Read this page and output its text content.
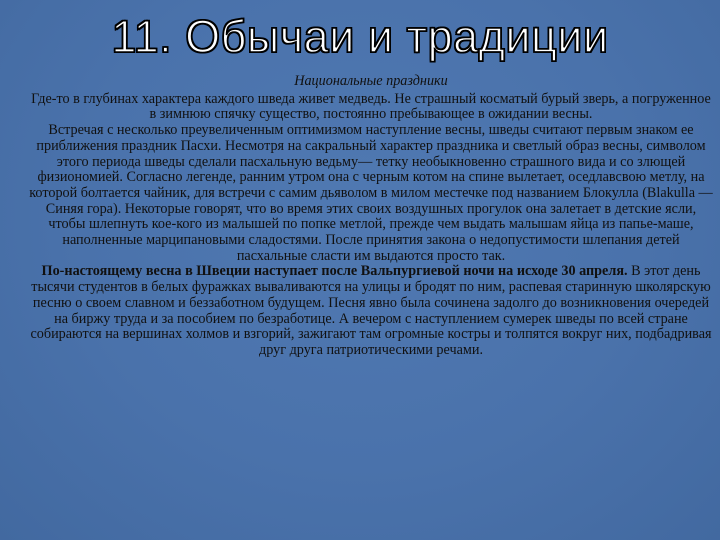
11. Обычаи и традиции

Национальные праздники

Где-то в глубинах характера каждого шведа живет медведь. Не страшный косматый бурый зверь, а погруженное в зимнюю спячку существо, постоянно пребывающее в ожидании весны.

Встречая с несколько преувеличенным оптимизмом наступление весны, шведы считают первым знаком ее приближения праздник Пасхи. Несмотря на сакральный характер праздника и светлый образ весны, символом этого периода шведы сделали пасхальную ведьму— тетку необыкновенно страшного вида и со злющей физиономией. Согласно легенде, ранним утром она с черным котом на спине вылетает, оседлавсвою метлу, на которой болтается чайник, для встречи с самим дьяволом в милом местечке под названием Блокулла (Blakulla — Синяя гора). Некоторые говорят, что во время этих своих воздушных прогулок она залетает в детские ясли, чтобы шлепнуть кое-кого из малышей по попке метлой, прежде чем выдать малышам яйца из папье-маше, наполненные марципановыми сладостями. После принятия закона о недопустимости шлепания детей пасхальные сласти им выдаются просто так.

По-настоящему весна в Швеции наступает после Вальпургиевой ночи на исходе 30 апреля. В этот день тысячи студентов в белых фуражках вываливаются на улицы и бродят по ним, распевая старинную школярскую песню о своем славном и беззаботном будущем. Песня явно была сочинена задолго до возникновения очередей на биржу труда и за пособием по безработице. А вечером с наступлением сумерек шведы по всей стране собираются на вершинах холмов и взгорий, зажигают там огромные костры и толпятся вокруг них, подбадривая друг друга патриотическими речами.
